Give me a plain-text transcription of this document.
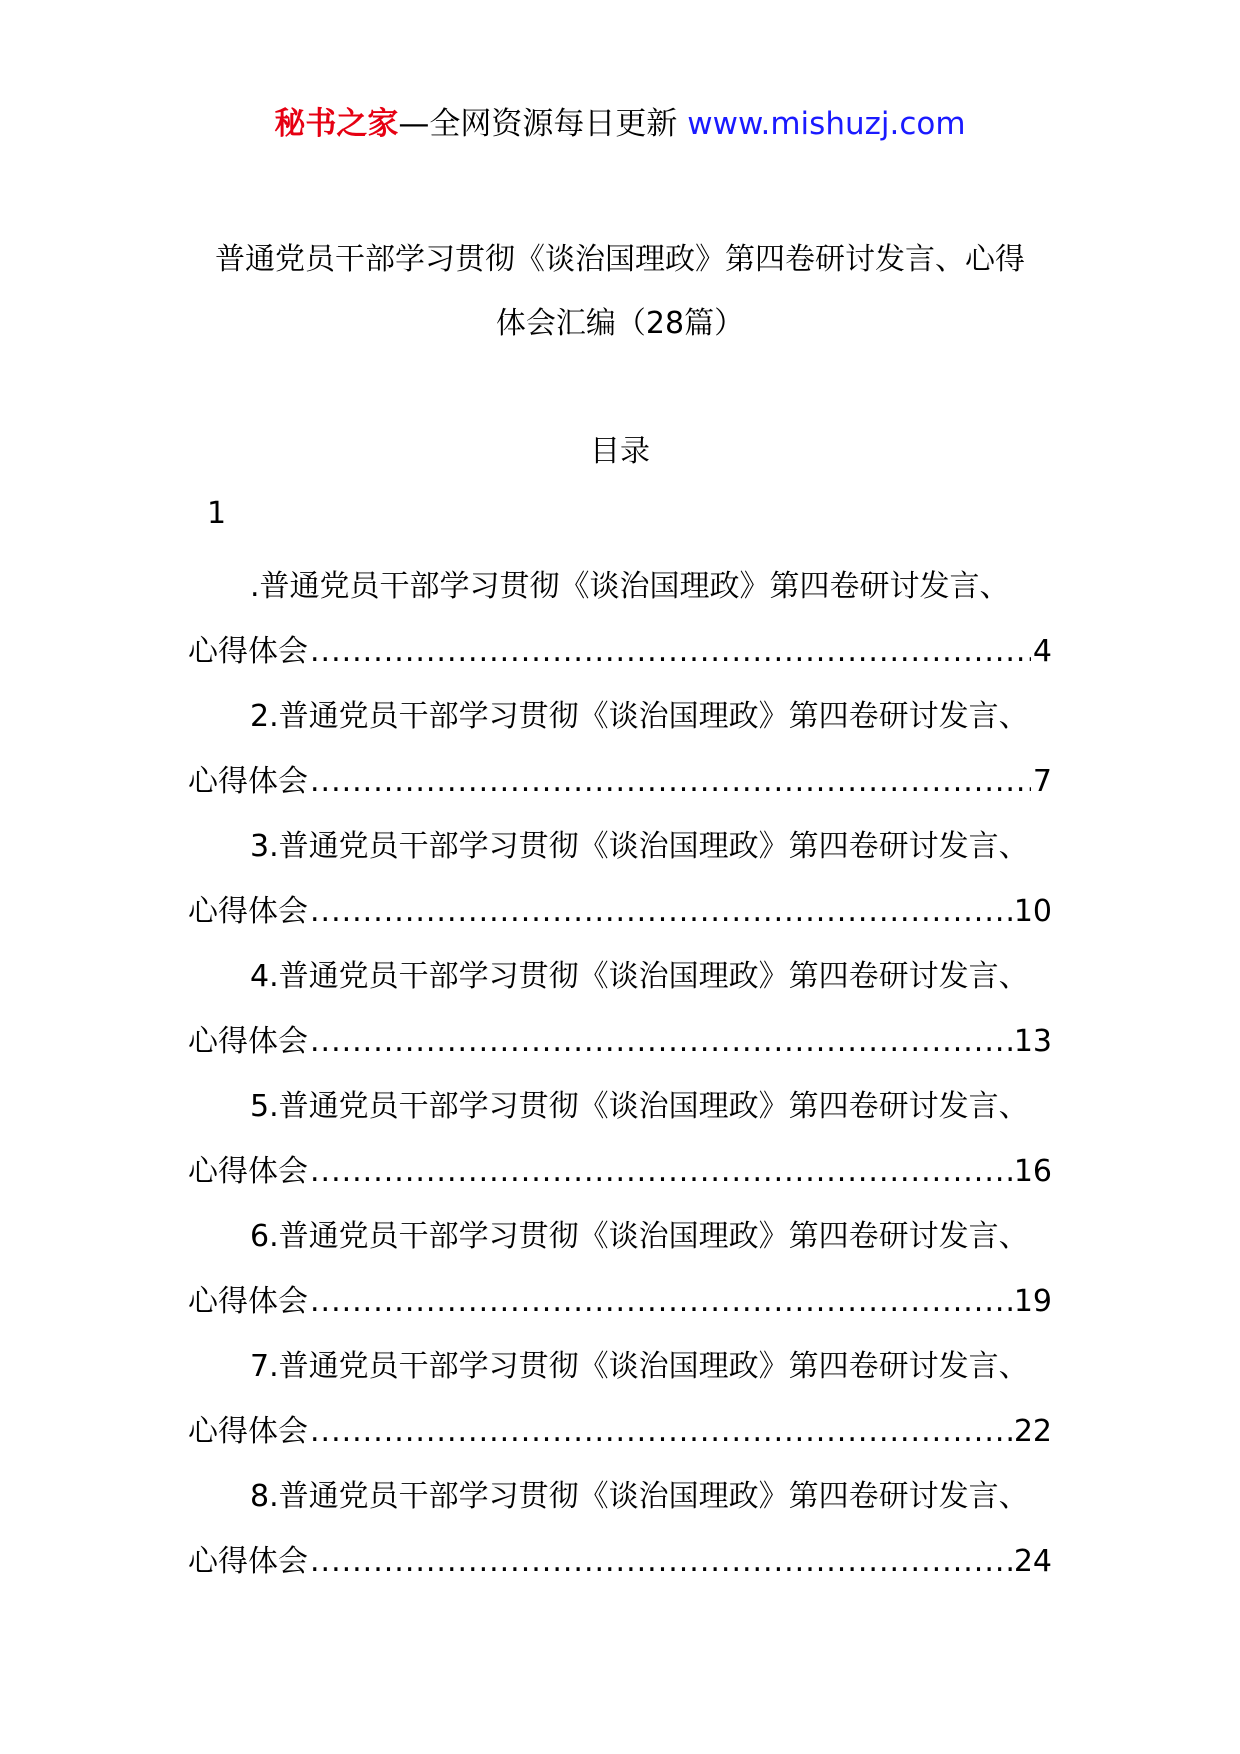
秘书之家—全网资源每日更新 www.mishuzj.com
普通党员干部学习贯彻《谈治国理政》第四卷研讨发言、心得
体会汇编（28篇）
目录
1
.普通党员干部学习贯彻《谈治国理政》第四卷研讨发言、
心得体会 .....	4
2.普通党员干部学习贯彻《谈治国理政》第四卷研讨发言、
心得体会 .....	7
3.普通党员干部学习贯彻《谈治国理政》第四卷研讨发言、
心得体会 .....	10
4.普通党员干部学习贯彻《谈治国理政》第四卷研讨发言、
心得体会 .....	13
5.普通党员干部学习贯彻《谈治国理政》第四卷研讨发言、
心得体会 .....	16
6.普通党员干部学习贯彻《谈治国理政》第四卷研讨发言、
心得体会 .....	19
7.普通党员干部学习贯彻《谈治国理政》第四卷研讨发言、
心得体会 .....	22
8.普通党员干部学习贯彻《谈治国理政》第四卷研讨发言、
心得体会 .....	24
